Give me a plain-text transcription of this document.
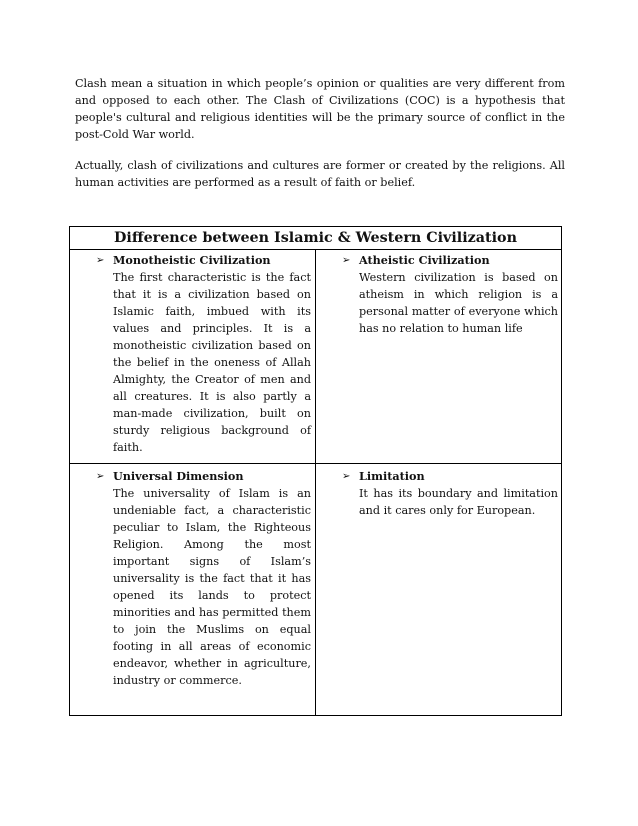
Clash mean a situation in which people’s opinion or qualities are very different from and opposed to each other. The Clash of Civilizations (COC) is a hypothesis that people's cultural and religious identities will be the primary source of conflict in the post-Cold War world.

Actually, clash of civilizations and cultures are former or created by the religions. All human activities are performed as a result of faith or belief.

Difference between Islamic & Western Civilization
➢ Monotheistic Civilization

The first characteristic is the fact that it is a civilization based on Islamic faith, imbued with its values and principles. It is a monotheistic civilization based on the belief in the oneness of Allah Almighty, the Creator of men and all creatures. It is also partly a man-made civilization, built on sturdy religious background of faith.

➢ Atheistic Civilization

Western civilization is based on atheism in which religion is a personal matter of everyone which has no relation to human life

➢ Universal Dimension

The universality of Islam is an undeniable fact, a characteristic peculiar to Islam, the Righteous Religion. Among the most important signs of Islam’s universality is the fact that it has opened its lands to protect minorities and has permitted them to join the Muslims on equal footing in all areas of economic endeavor, whether in agriculture, industry or commerce.

➢ Limitation

It has its boundary and limitation and it cares only for European.
